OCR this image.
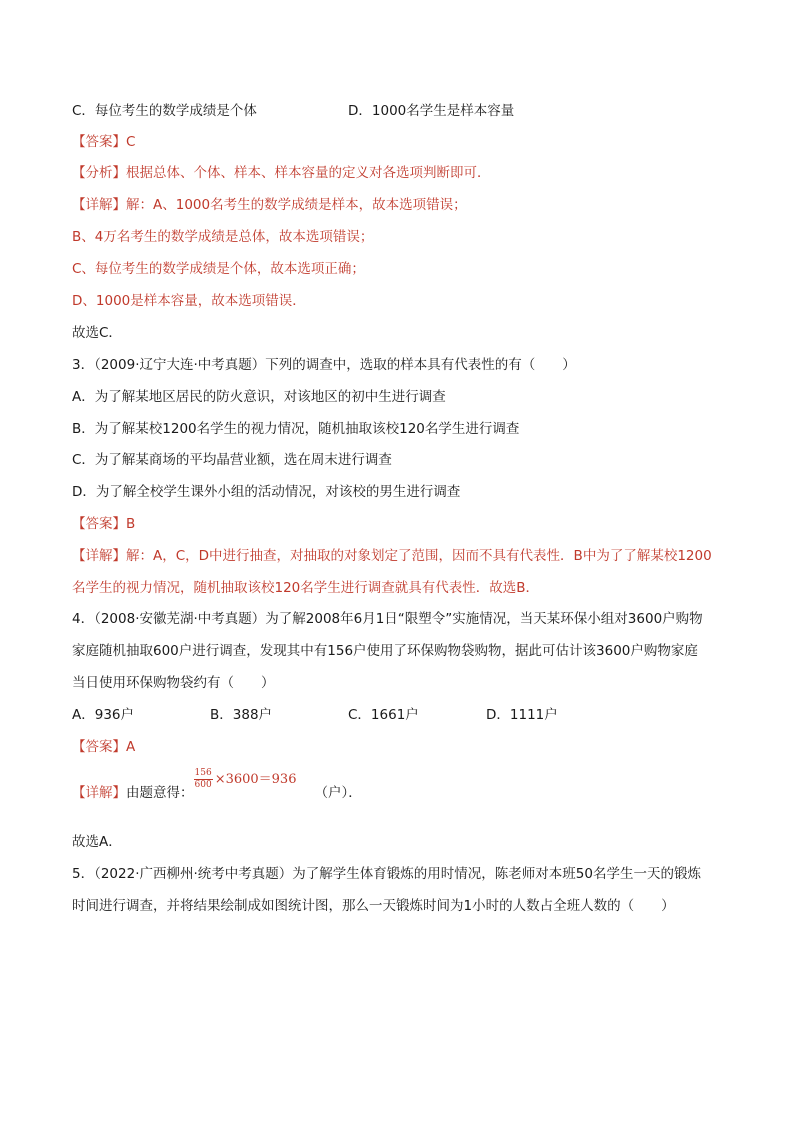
C．每位考生的数学成绩是个体	D．1000名学生是样本容量
【答案】C
【分析】根据总体、个体、样本、样本容量的定义对各选项判断即可．
【详解】解：A、1000名考生的数学成绩是样本，故本选项错误；
B、4万名考生的数学成绩是总体，故本选项错误；
C、每位考生的数学成绩是个体，故本选项正确；
D、1000是样本容量，故本选项错误．
故选C．
3．（2009·辽宁大连·中考真题）下列的调查中，选取的样本具有代表性的有（　　）
A．为了解某地区居民的防火意识，对该地区的初中生进行调查
B．为了解某校1200名学生的视力情况，随机抽取该校120名学生进行调查
C．为了解某商场的平均晶营业额，选在周末进行调查
D．为了解全校学生课外小组的活动情况，对该校的男生进行调查
【答案】B
【详解】解：A，C，D中进行抽查，对抽取的对象划定了范围，因而不具有代表性．B中为了了解某校1200
名学生的视力情况，随机抽取该校120名学生进行调查就具有代表性．故选B．
4．（2008·安徽芜湖·中考真题）为了解2008年6月1日“限塑令”实施情况，当天某环保小组对3600户购物
家庭随机抽取600户进行调查，发现其中有156户使用了环保购物袋购物，据此可估计该3600户购物家庭
当日使用环保购物袋约有（　　）
A．936户	B．388户	C．1661户	D．1111户
【答案】A
【详解】由题意得：
$\frac{156}{600} \times 3600=936$（户）．
故选A．
5．（2022·广西柳州·统考中考真题）为了解学生体育锻炼的用时情况，陈老师对本班50名学生一天的锻炼
时间进行调查，并将结果绘制成如图统计图，那么一天锻炼时间为1小时的人数占全班人数的（　　）
